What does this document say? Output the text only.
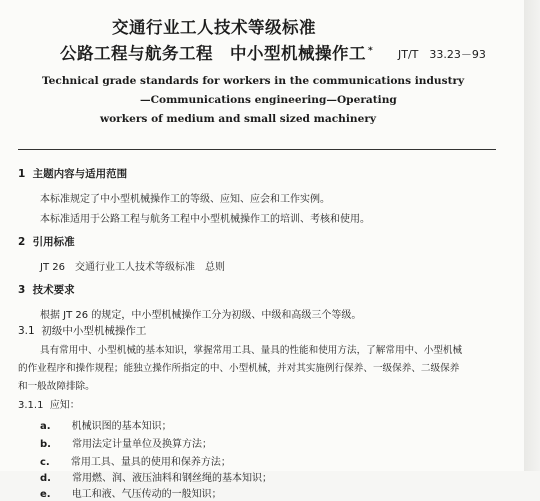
交通行业工人技术等级标准
公路工程与航务工程　中小型机械操作工 * JT/T　33.23－93
Technical grade standards for workers in the communications industry
—Communications engineering—Operating
workers of medium and small sized machinery
1 主题内容与适用范围
本标准规定了中小型机械操作工的等级、应知、应会和工作实例。
本标准适用于公路工程与航务工程中小型机械操作工的培训、考核和使用。
2 引用标准
JT 26　交通行业工人技术等级标准　总则
3 技术要求
根据 JT 26 的规定，中小型机械操作工分为初级、中级和高级三个等级。
3.1 初级中小型机械操作工
具有常用中、小型机械的基本知识，掌握常用工具、量具的性能和使用方法，了解常用中、小型机械
的作业程序和操作规程；能独立操作所指定的中、小型机械，并对其实施例行保养、一级保养、二级保养
和一般故障排除。
3.1.1 应知：
a. 机械识图的基本知识；
b. 常用法定计量单位及换算方法；
c. 常用工具、量具的使用和保养方法；
d. 常用燃、润、液压油料和钢丝绳的基本知识；
e. 电工和液、气压传动的一般知识；
